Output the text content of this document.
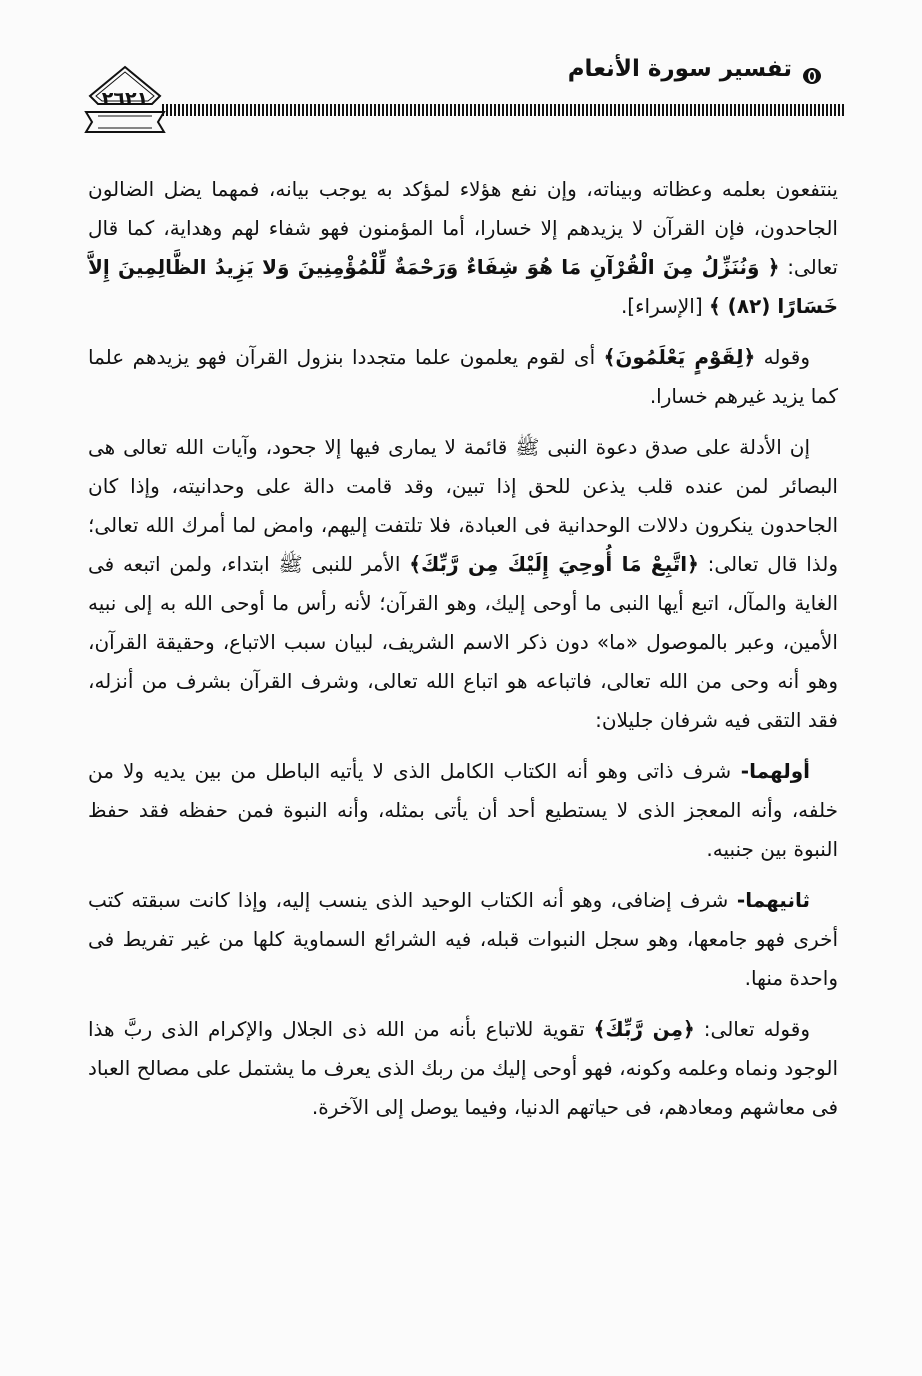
تفسير سورة الأنعام
٢٦٢١

ينتفعون بعلمه وعظاته وبيناته، وإن نفع هؤلاء لمؤكد به يوجب بيانه، فمهما يضل الضالون الجاحدون، فإن القرآن لا يزيدهم إلا خسارا، أما المؤمنون فهو شفاء لهم وهداية، كما قال تعالى: ﴿ وَنُنَزِّلُ مِنَ الْقُرْآنِ مَا هُوَ شِفَاءٌ وَرَحْمَةٌ لِّلْمُؤْمِنِينَ وَلا يَزِيدُ الظَّالِمِينَ إِلاَّ خَسَارًا (٨٢) ﴾ [الإسراء].

وقوله ﴿لِقَوْمٍ يَعْلَمُونَ﴾ أى لقوم يعلمون علما متجددا بنزول القرآن فهو يزيدهم علما كما يزيد غيرهم خسارا.

إن الأدلة على صدق دعوة النبى ﷺ قائمة لا يمارى فيها إلا جحود، وآيات الله تعالى هى البصائر لمن عنده قلب يذعن للحق إذا تبين، وقد قامت دالة على وحدانيته، وإذا كان الجاحدون ينكرون دلالات الوحدانية فى العبادة، فلا تلتفت إليهم، وامض لما أمرك الله تعالى؛ ولذا قال تعالى: ﴿اتَّبِعْ مَا أُوحِيَ إِلَيْكَ مِن رَّبِّكَ﴾ الأمر للنبى ﷺ ابتداء، ولمن اتبعه فى الغاية والمآل، اتبع أيها النبى ما أوحى إليك، وهو القرآن؛ لأنه رأس ما أوحى الله به إلى نبيه الأمين، وعبر بالموصول «ما» دون ذكر الاسم الشريف، لبيان سبب الاتباع، وحقيقة القرآن، وهو أنه وحى من الله تعالى، فاتباعه هو اتباع الله تعالى، وشرف القرآن بشرف من أنزله، فقد التقى فيه شرفان جليلان:

أولهما- شرف ذاتى وهو أنه الكتاب الكامل الذى لا يأتيه الباطل من بين يديه ولا من خلفه، وأنه المعجز الذى لا يستطيع أحد أن يأتى بمثله، وأنه النبوة فمن حفظه فقد حفظ النبوة بين جنبيه.

ثانيهما- شرف إضافى، وهو أنه الكتاب الوحيد الذى ينسب إليه، وإذا كانت سبقته كتب أخرى فهو جامعها، وهو سجل النبوات قبله، فيه الشرائع السماوية كلها من غير تفريط فى واحدة منها.

وقوله تعالى: ﴿مِن رَّبِّكَ﴾ تقوية للاتباع بأنه من الله ذى الجلال والإكرام الذى ربَّ هذا الوجود ونماه وعلمه وكونه، فهو أوحى إليك من ربك الذى يعرف ما يشتمل على مصالح العباد فى معاشهم ومعادهم، فى حياتهم الدنيا، وفيما يوصل إلى الآخرة.
